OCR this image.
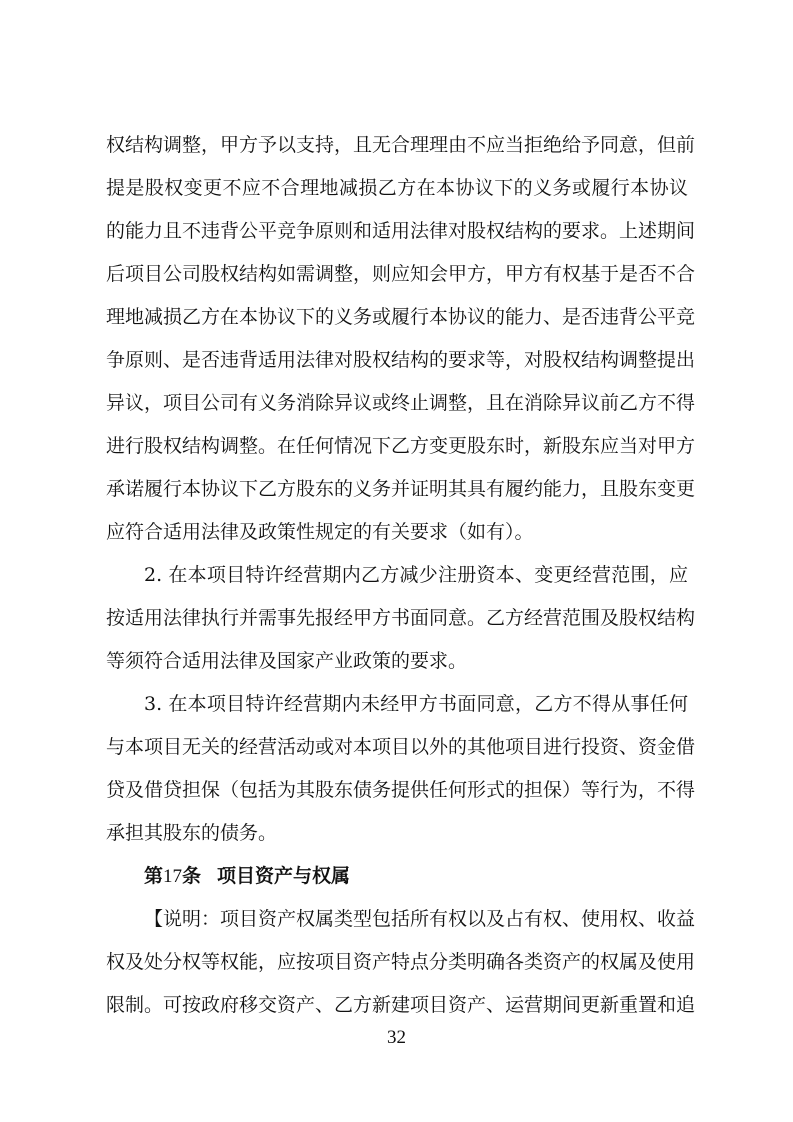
权结构调整，甲方予以支持，且无合理理由不应当拒绝给予同意，但前
提是股权变更不应不合理地减损乙方在本协议下的义务或履行本协议
的能力且不违背公平竞争原则和适用法律对股权结构的要求。上述期间
后项目公司股权结构如需调整，则应知会甲方，甲方有权基于是否不合
理地减损乙方在本协议下的义务或履行本协议的能力、是否违背公平竞
争原则、是否违背适用法律对股权结构的要求等，对股权结构调整提出
异议，项目公司有义务消除异议或终止调整，且在消除异议前乙方不得
进行股权结构调整。在任何情况下乙方变更股东时，新股东应当对甲方
承诺履行本协议下乙方股东的义务并证明其具有履约能力，且股东变更
应符合适用法律及政策性规定的有关要求（如有）。
2. 在本项目特许经营期内乙方减少注册资本、变更经营范围，应
按适用法律执行并需事先报经甲方书面同意。乙方经营范围及股权结构
等须符合适用法律及国家产业政策的要求。
3. 在本项目特许经营期内未经甲方书面同意，乙方不得从事任何
与本项目无关的经营活动或对本项目以外的其他项目进行投资、资金借
贷及借贷担保（包括为其股东债务提供任何形式的担保）等行为，不得
承担其股东的债务。
第17条 项目资产与权属
【说明：项目资产权属类型包括所有权以及占有权、使用权、收益
权及处分权等权能，应按项目资产特点分类明确各类资产的权属及使用
限制。可按政府移交资产、乙方新建项目资产、运营期间更新重置和追
32
